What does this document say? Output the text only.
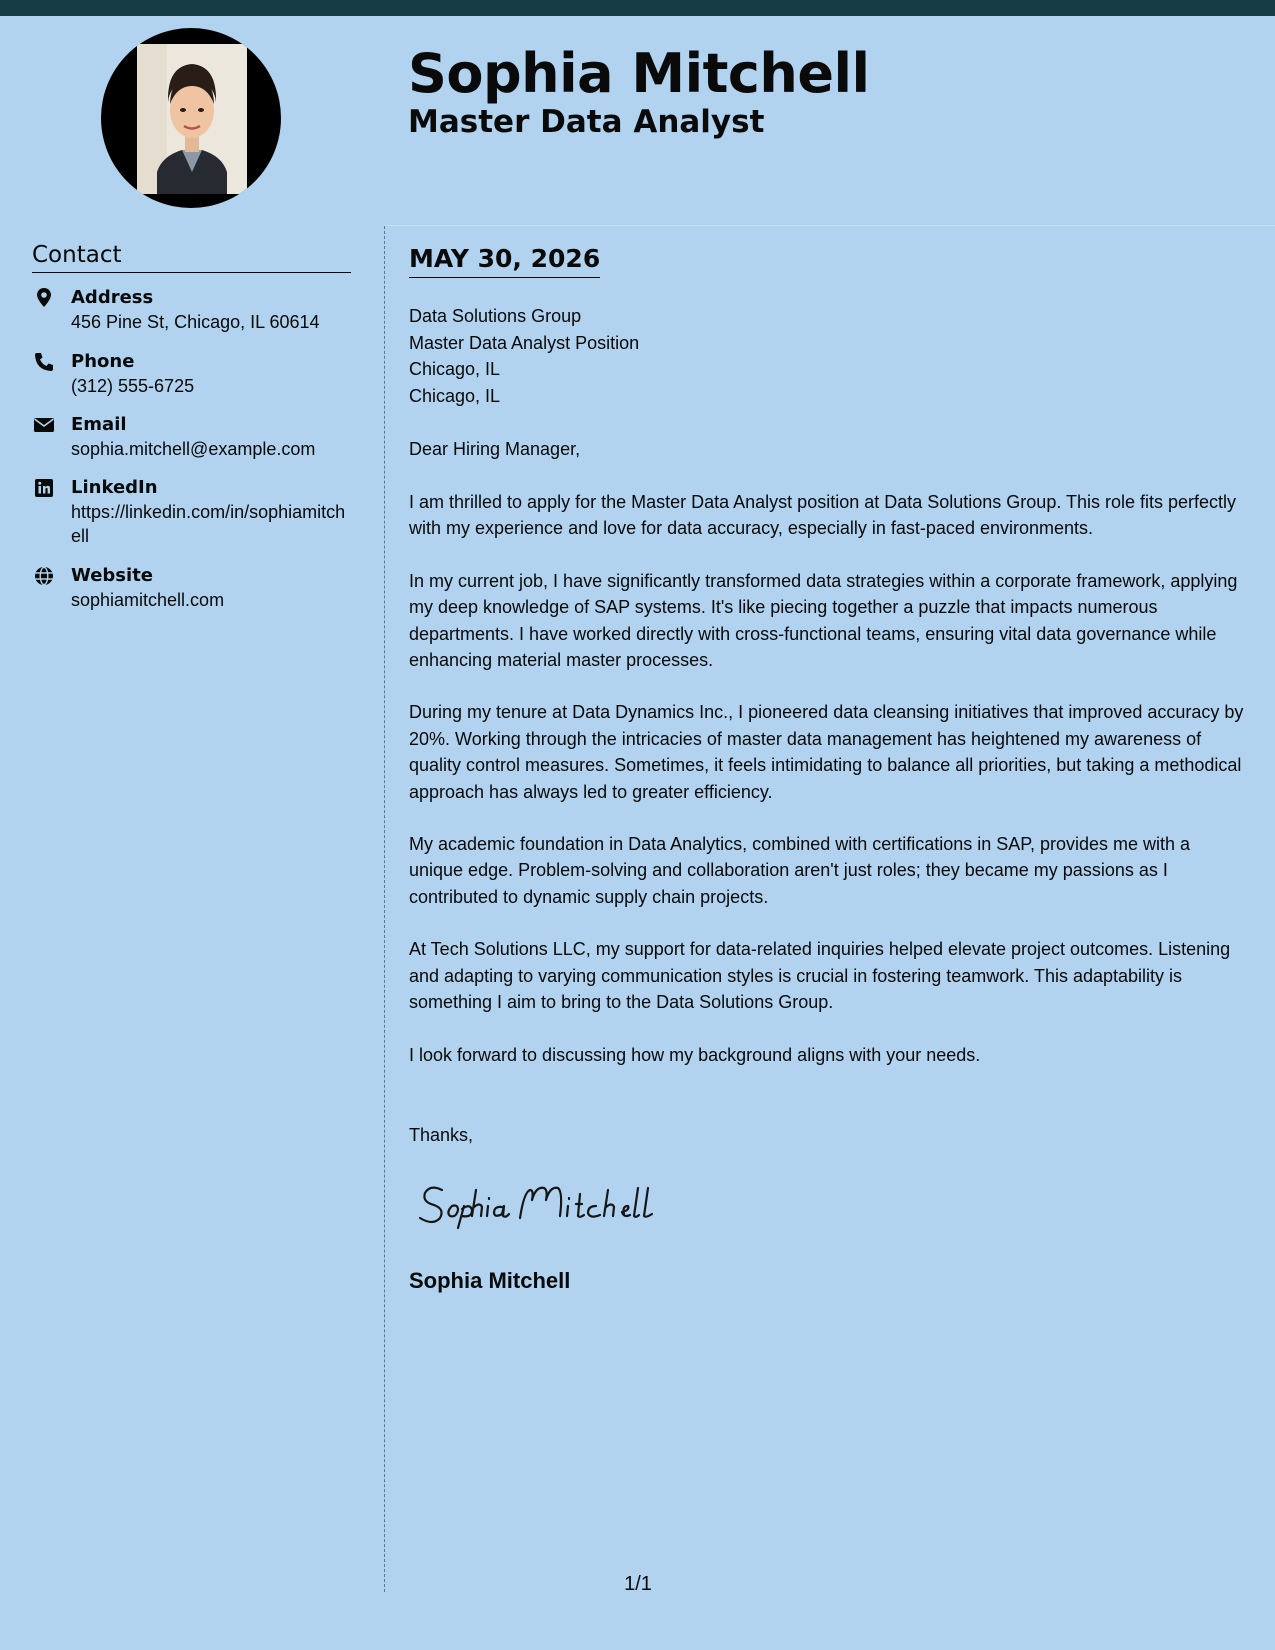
Sophia Mitchell
Master Data Analyst
Contact
Address
456 Pine St, Chicago, IL 60614
Phone
(312) 555-6725
Email
sophia.mitchell@example.com
LinkedIn
https://linkedin.com/in/sophiamitchell
Website
sophiamitchell.com
MAY 30, 2026
Data Solutions Group
Master Data Analyst Position
Chicago, IL
Chicago, IL

Dear Hiring Manager,

I am thrilled to apply for the Master Data Analyst position at Data Solutions Group. This role fits perfectly with my experience and love for data accuracy, especially in fast-paced environments.

In my current job, I have significantly transformed data strategies within a corporate framework, applying my deep knowledge of SAP systems. It's like piecing together a puzzle that impacts numerous departments. I have worked directly with cross-functional teams, ensuring vital data governance while enhancing material master processes.

During my tenure at Data Dynamics Inc., I pioneered data cleansing initiatives that improved accuracy by 20%. Working through the intricacies of master data management has heightened my awareness of quality control measures. Sometimes, it feels intimidating to balance all priorities, but taking a methodical approach has always led to greater efficiency.

My academic foundation in Data Analytics, combined with certifications in SAP, provides me with a unique edge. Problem-solving and collaboration aren't just roles; they became my passions as I contributed to dynamic supply chain projects.

At Tech Solutions LLC, my support for data-related inquiries helped elevate project outcomes. Listening and adapting to varying communication styles is crucial in fostering teamwork. This adaptability is something I aim to bring to the Data Solutions Group.

I look forward to discussing how my background aligns with your needs.

Thanks,

Sophia Mitchell

1/1
